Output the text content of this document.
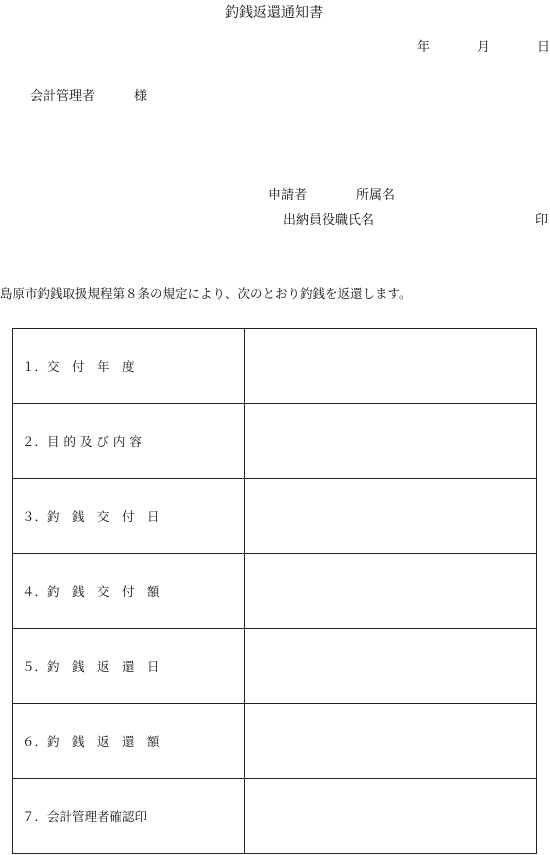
釣銭返還通知書
年	月	日
会計管理者	様
申請者	所属名
出納員役職氏名	印
島原市釣銭取扱規程第８条の規定により、次のとおり釣銭を返還します。
１．交　付　年　度	
２．目 的 及 び 内 容	
３．釣　銭　交　付　日	
４．釣　銭　交　付　額	
５．釣　銭　返　還　日	
６．釣　銭　返　還　額	
７．会計管理者確認印	
